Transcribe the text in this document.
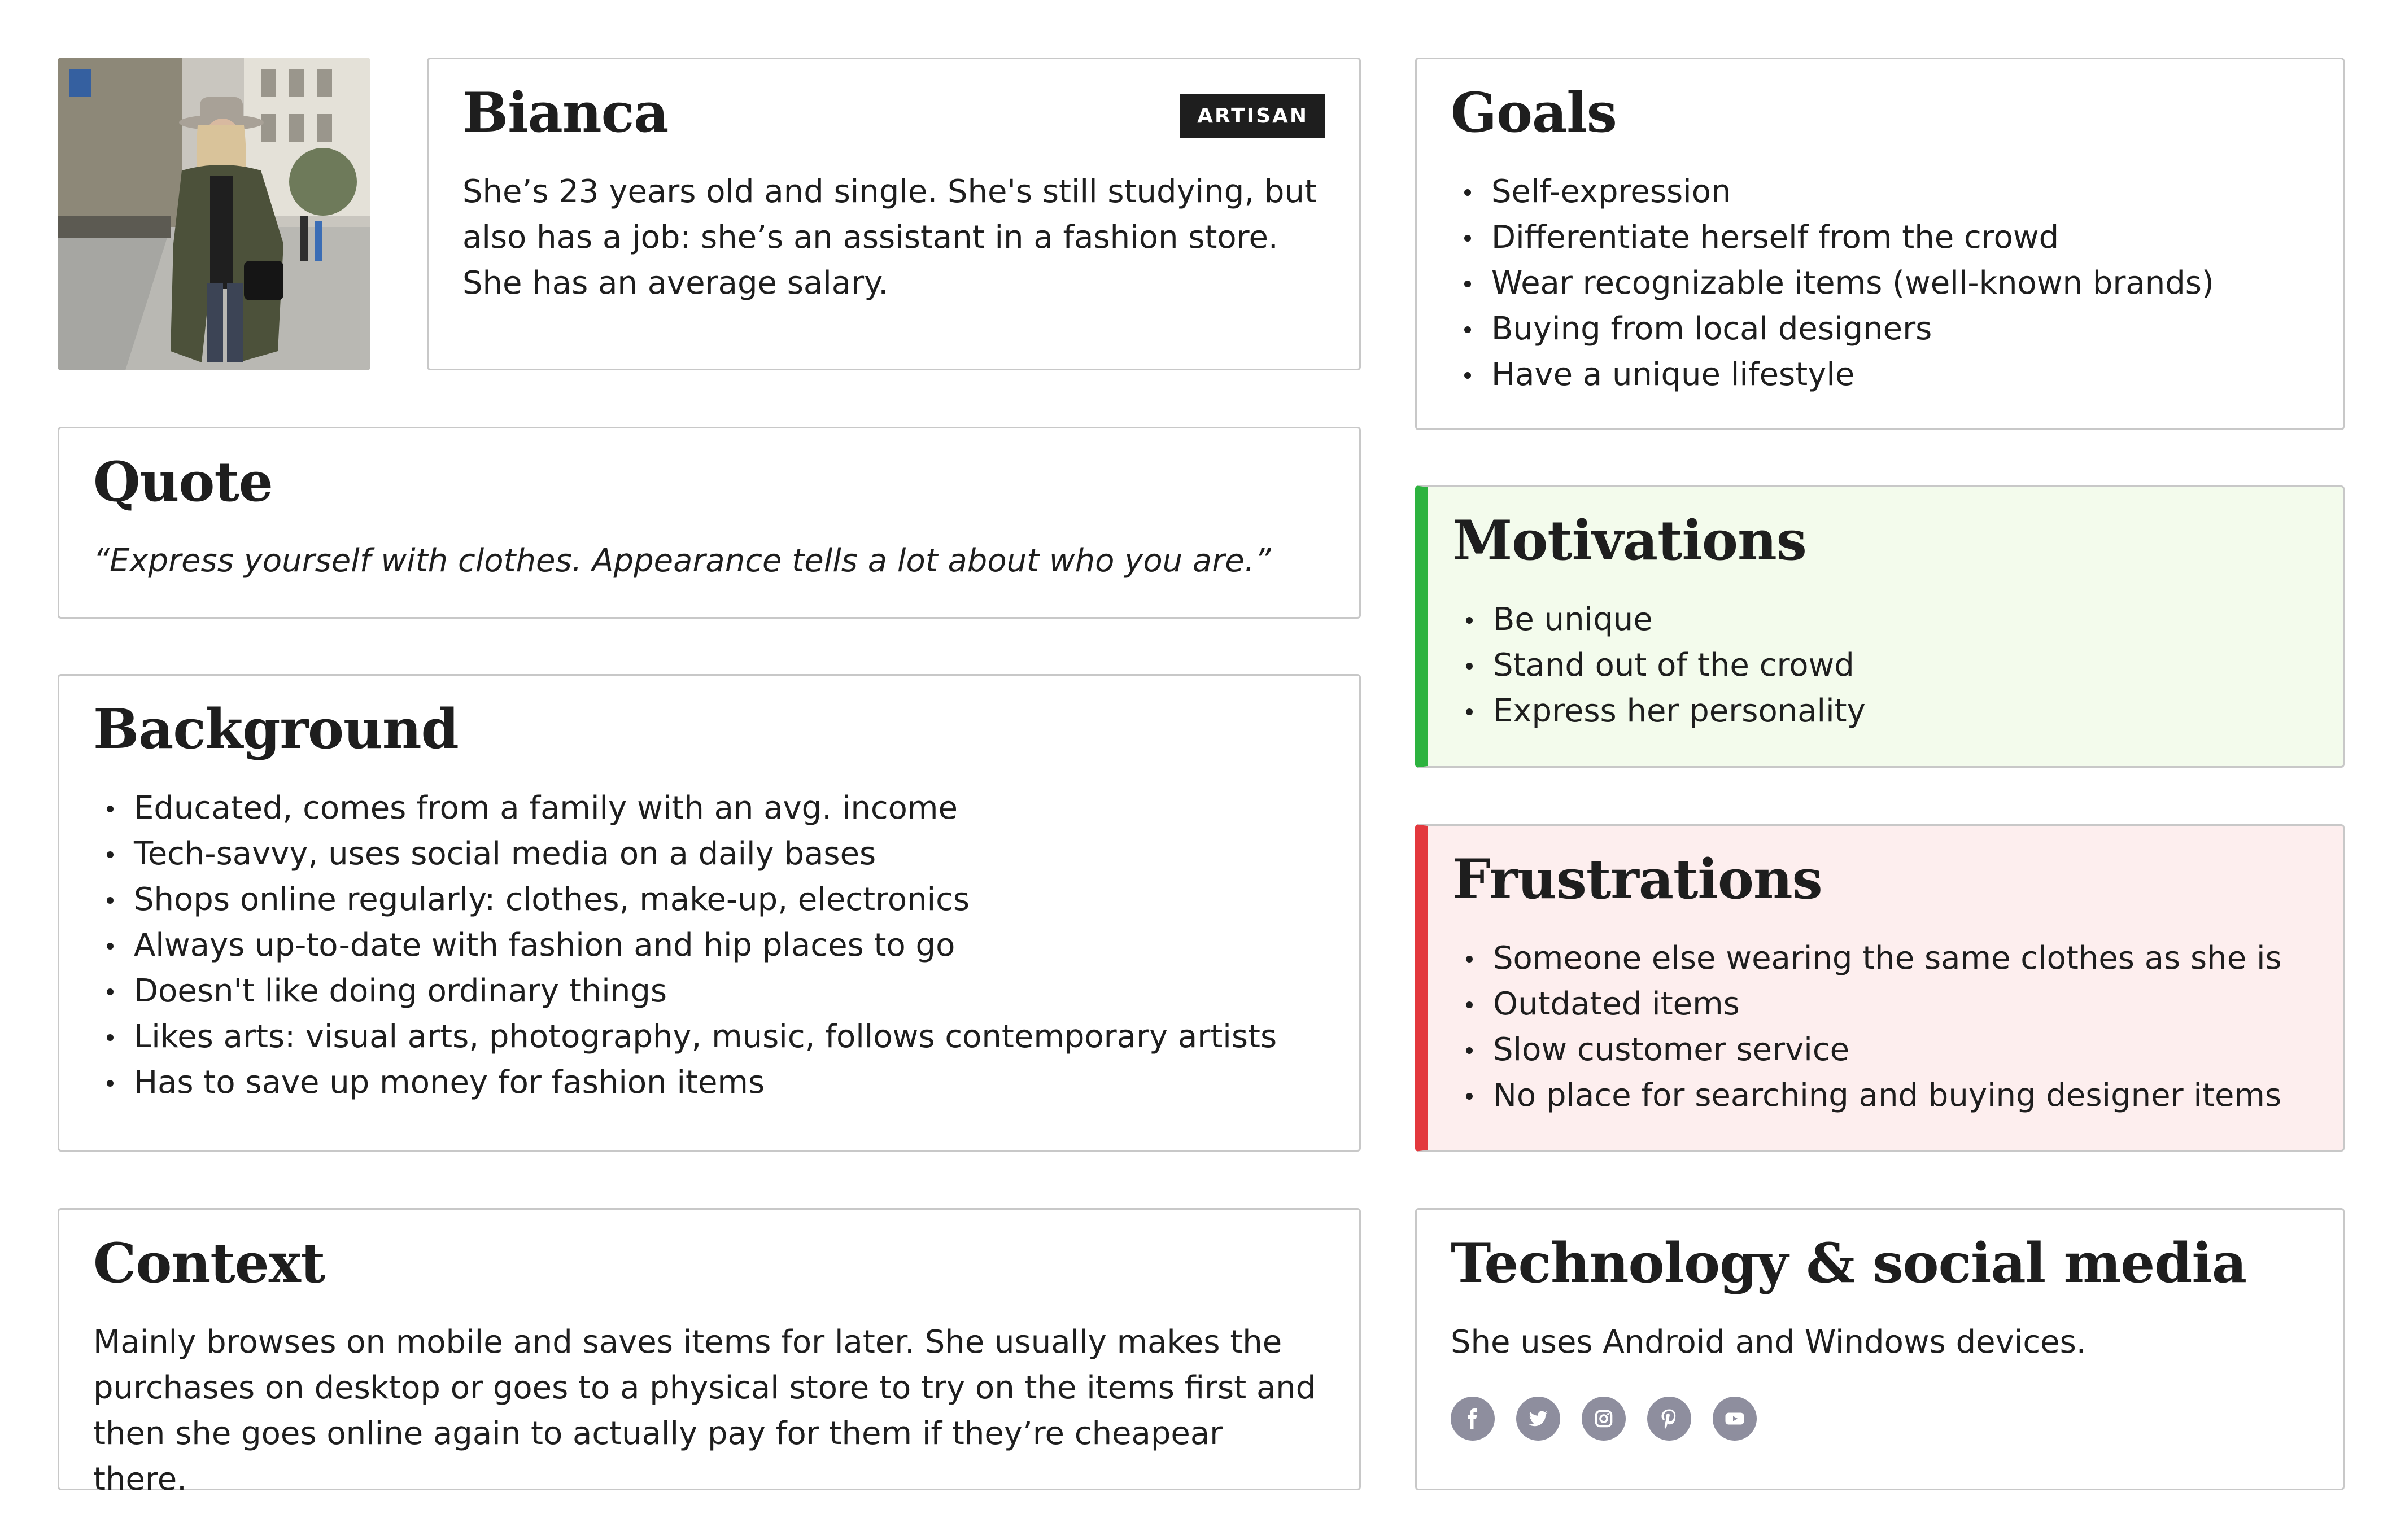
Bianca	ARTISAN

She’s 23 years old and single. She's still studying, but also has a job: she’s an assistant in a fashion store. She has an average salary.

Goals
Self-expression
Differentiate herself from the crowd
Wear recognizable items (well-known brands)
Buying from local designers
Have a unique lifestyle
Quote

“Express yourself with clothes. Appearance tells a lot about who you are.”	Motivations
Be unique
Stand out of the crowd
Express her personality
Background
Educated, comes from a family with an avg. income
Tech-savvy, uses social media on a daily bases
Shops online regularly: clothes, make-up, electronics
Always up-to-date with fashion and hip places to go
Doesn't like doing ordinary things
Likes arts: visual arts, photography, music, follows contemporary artists
Has to save up money for fashion items
Frustrations
Someone else wearing the same clothes as she is
Outdated items
Slow customer service
No place for searching and buying designer items
Context

Mainly browses on mobile and saves items for later. She usually makes the purchases on desktop or goes to a physical store to try on the items first and then she goes online again to actually pay for them if they’re cheapear there.

Technology & social media

She uses Android and Windows devices.
